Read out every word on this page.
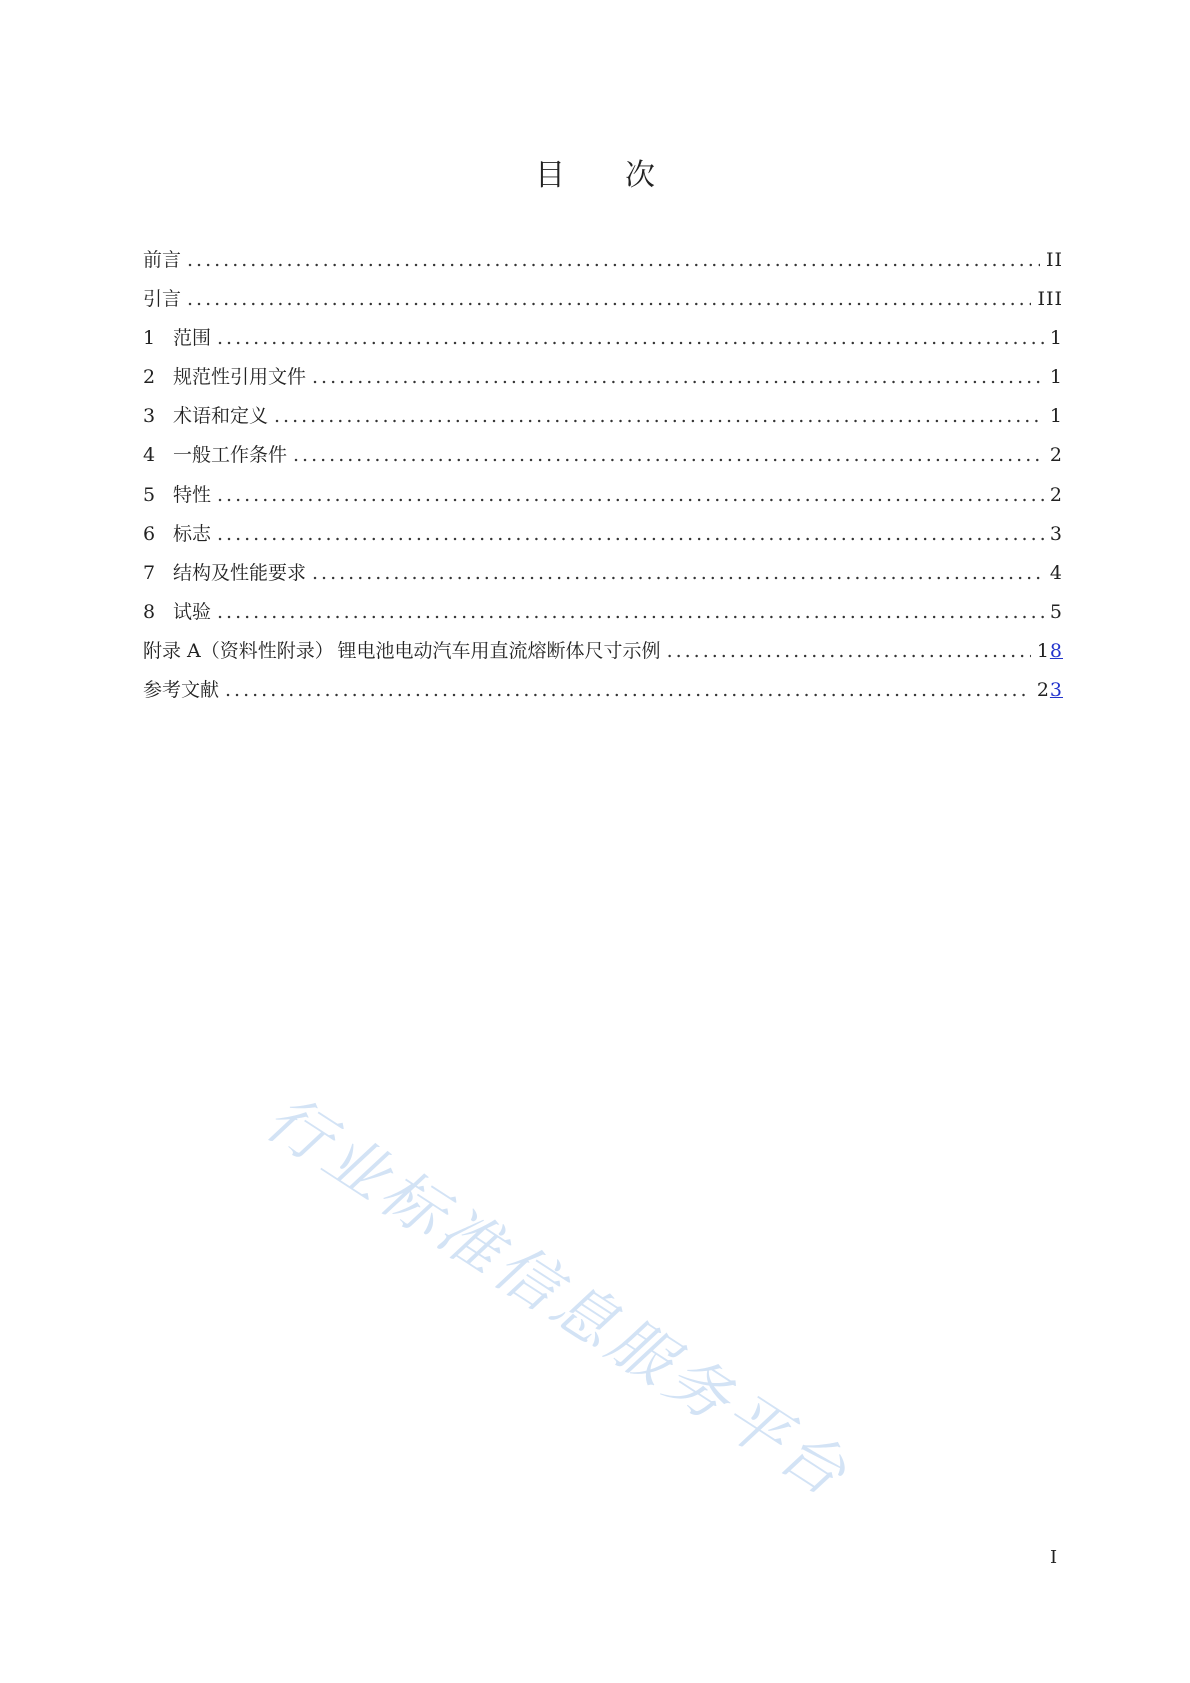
目 次
前言 .....	II
引言 .....	III
1 范围 .....	1
2 规范性引用文件 .....	1
3 术语和定义 .....	1
4 一般工作条件 .....	2
5 特性 .....	2
6 标志 .....	3
7 结构及性能要求 .....	4
8 试验 .....	5
附录 A（资料性附录） 锂电池电动汽车用直流熔断体尺寸示例 .....	18
参考文献 .....	23
行业标准信息服务平台
I
